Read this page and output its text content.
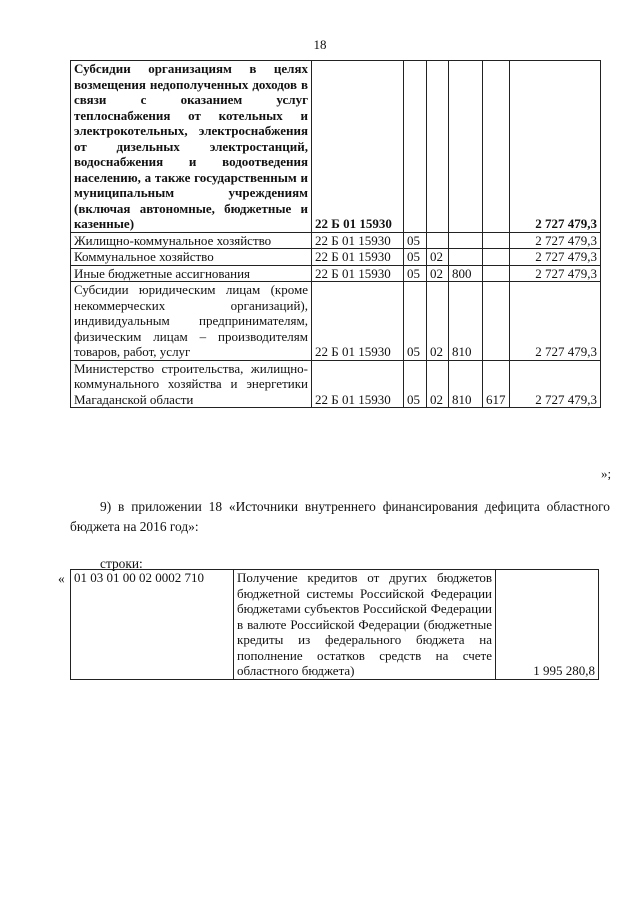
18
Субсидии организациям в целях возмещения недополученных доходов в связи с оказанием услуг теплоснабжения от котельных и электрокотельных, электроснабжения от дизельных электростанций, водоснабжения и водоотведения населению, а также государственным и муниципальным учреждениям (включая автономные, бюджетные и казенные)	22 Б 01 15930					2 727 479,3
Жилищно-коммунальное хозяйство	22 Б 01 15930	05				2 727 479,3
Коммунальное хозяйство	22 Б 01 15930	05	02			2 727 479,3
Иные бюджетные ассигнования	22 Б 01 15930	05	02	800		2 727 479,3
Субсидии юридическим лицам (кроме некоммерческих организаций), индивидуальным предпринимателям, физическим лицам – производителям товаров, работ, услуг	22 Б 01 15930	05	02	810		2 727 479,3
Министерство строительства, жилищно-коммунального хозяйства и энергетики Магаданской области	22 Б 01 15930	05	02	810	617	2 727 479,3
»;
9) в приложении 18 «Источники внутреннего финансирования дефицита областного бюджета на 2016 год»:
строки:
« 01 03 01 00 02 0002 710	Получение кредитов от других бюджетов бюджетной системы Российской Федерации бюджетами субъектов Российской Федерации в валюте Российской Федерации (бюджетные кредиты из федерального бюджета на пополнение остатков средств на счете областного бюджета)	1 995 280,8
